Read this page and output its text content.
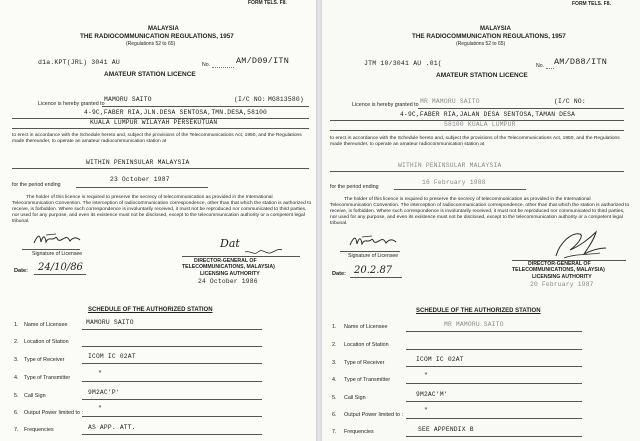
FORM TELS. F8.
MALAYSIA
THE RADIOCOMMUNICATION REGULATIONS, 1957
(Regulations 52 to 65)
d1a.KPT(JRL) 3041 AU	No.	AM/D09/ITN
AMATEUR STATION LICENCE
Licence is hereby granted to
MAMORU SAITO	(I/C NO: MG813580)
4-9C,FABER RIA,JLN.DESA SENTOSA,TMN.DESA,58100
KUALA LUMPUR WILAYAH PERSEKUTUAN
to erect in accordance with the Schedule hereto and, subject the provisions of the Telecommunications Act, 1950, and the Regulations made thereunder, to operate an amateur radiocommunication station at
WITHIN PENINSULAR MALAYSIA
for the period ending
23 October 1987
The holder of this licence is required to preserve the secrecy of telecommunication as provided in the International Telecommunication Convention. The interception of radiocommunication correspondence, other than that which the station is authorized to receive, is forbidden. Where such correspondence is involuntarily received, it must not be reproduced nor communicated to third parties, nor used for any purpose, and even its existence must not be disclosed, except to the telecommunication authority or a competent legal tribunal.
Signature of Licensee
Date: 24/10/86
Dat
DIRECTOR-GENERAL OF
TELECOMMUNICATIONS, MALAYSIA)
LICENSING AUTHORITY
24 October 1986
SCHEDULE OF THE AUTHORIZED STATION
1. Name of Licensee	MAMORU SAITO
2. Location of Station
3. Type of Receiver	ICOM IC 02AT
4. Type of Transmitter
"
5. Call Sign	9M2AC'P'
6. Output Power limited to :
"
7. Frequencies	AS APP. ATT.
FORM TELS. F8.
MALAYSIA
THE RADIOCOMMUNICATION REGULATIONS, 1957
(Regulations 52 to 65)
JTM 10/3041 AU .01(	No. AM/D88/ITN
AMATEUR STATION LICENCE
Licence is hereby granted to MR MAMORU SAITO	(I/C NO:
4-9C,FABER RIA,JALAN DESA SENTOSA,TAMAN DESA
58100 KUALA LUMPUR
to erect in accordance with the Schedule hereto and, subject the provisions of the Telecommunications Act, 1950, and the Regulations made thereunder, to operate an amateur radiocommunication station at
WITHIN PENINSULAR MALAYSIA
for the period ending
16 February 1988
The holder of this licence is required to preserve the secrecy of telecommunication as provided in the International Telecommunication Convention. The interception of radiocommunication correspondence, other than that which the station is authorized to receive, is forbidden. Where such correspondence is involuntarily received, it must not be reproduced nor communicated to third parties, nor used for any purpose, and even its existence must not be disclosed, except to the telecommunication authority or a competent legal tribunal.
Signature of Licensee
Date: 20.2.87
DIRECTOR-GENERAL OF
TELECOMMUNICATIONS, MALAYSIA)
LICENSING AUTHORITY
20 February 1987
SCHEDULE OF THE AUTHORIZED STATION
1. Name of Licensee	MR MAMORU SAITO
2. Location of Station
3. Type of Receiver	ICOM IC 02AT
4. Type of Transmitter
"
5. Call Sign	9M2AC'M'
6. Output Power limited to :
"
7. Frequencies	SEE APPENDIX B
